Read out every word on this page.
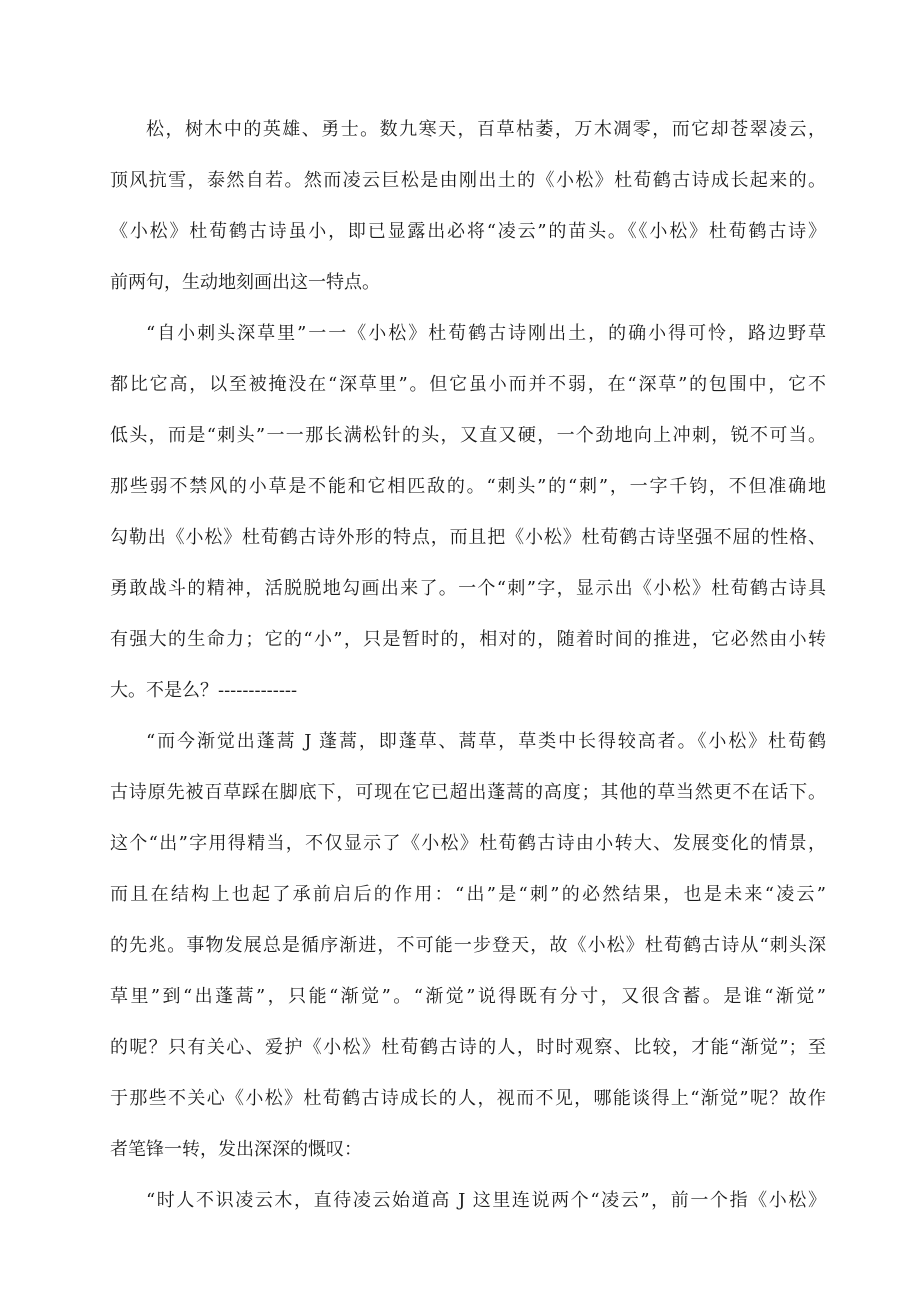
松，树木中的英雄、勇士。数九寒天，百草枯萎，万木凋零，而它却苍翠凌云，
顶风抗雪，泰然自若。然而凌云巨松是由刚出土的《小松》杜荀鹤古诗成长起来的。
《小松》杜荀鹤古诗虽小，即已显露出必将“凌云”的苗头。《《小松》杜荀鹤古诗》
前两句，生动地刻画出这一特点。
“自小刺头深草里”一一《小松》杜荀鹤古诗刚出土，的确小得可怜，路边野草
都比它高，以至被掩没在“深草里”。但它虽小而并不弱，在“深草”的包围中，它不
低头，而是“刺头”一一那长满松针的头，又直又硬，一个劲地向上冲刺，锐不可当。
那些弱不禁风的小草是不能和它相匹敌的。“刺头”的“刺”，一字千钧，不但准确地
勾勒出《小松》杜荀鹤古诗外形的特点，而且把《小松》杜荀鹤古诗坚强不屈的性格、
勇敢战斗的精神，活脱脱地勾画出来了。一个“刺”字，显示出《小松》杜荀鹤古诗具
有强大的生命力；它的“小”，只是暂时的，相对的，随着时间的推进，它必然由小转
大。不是么？-------------
“而今渐觉出蓬蒿 J 蓬蒿，即蓬草、蒿草，草类中长得较高者。《小松》杜荀鹤
古诗原先被百草踩在脚底下，可现在它已超出蓬蒿的高度；其他的草当然更不在话下。
这个“出”字用得精当，不仅显示了《小松》杜荀鹤古诗由小转大、发展变化的情景，
而且在结构上也起了承前启后的作用：“出”是“刺”的必然结果，也是未来“凌云”
的先兆。事物发展总是循序渐进，不可能一步登天，故《小松》杜荀鹤古诗从“刺头深
草里”到“出蓬蒿”，只能“渐觉”。“渐觉”说得既有分寸，又很含蓄。是谁“渐觉”
的呢？只有关心、爱护《小松》杜荀鹤古诗的人，时时观察、比较，才能“渐觉”；至
于那些不关心《小松》杜荀鹤古诗成长的人，视而不见，哪能谈得上“渐觉”呢？故作
者笔锋一转，发出深深的慨叹：
“时人不识凌云木，直待凌云始道高 J 这里连说两个“凌云”，前一个指《小松》
